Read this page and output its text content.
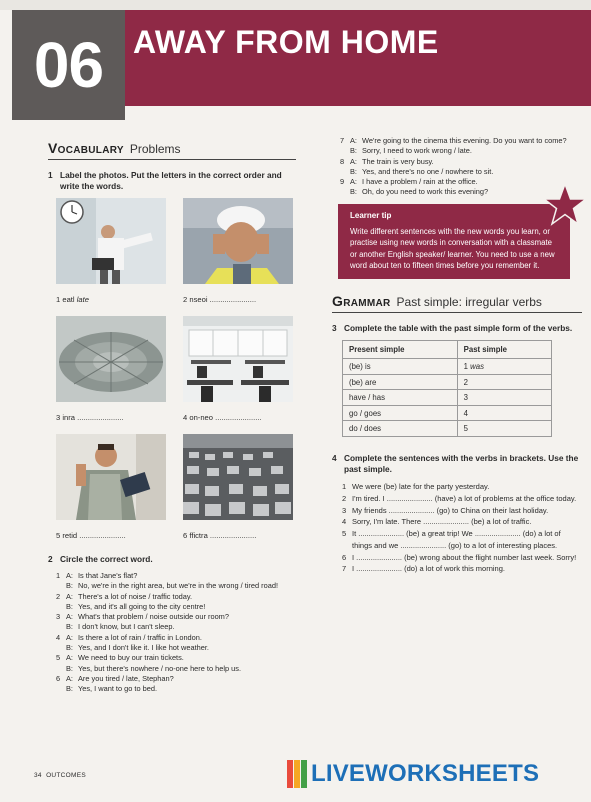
06 AWAY FROM HOME
Vocabulary Problems
1 Label the photos. Put the letters in the correct order and write the words.
1 eatl late	2 nseoi ......................
3 inra ......................	4 on-neo ......................
5 retid ......................	6 ffictra ......................
2 Circle the correct word.
1 A: Is that Jane's flat?
B: No, we're in the right area, but we're in the wrong / tired road!
2 A: There's a lot of noise / traffic today.
B: Yes, and it's all going to the city centre!
3 A: What's that problem / noise outside our room?
B: I don't know, but I can't sleep.
4 A: Is there a lot of rain / traffic in London.
B: Yes, and I don't like it. I like hot weather.
5 A: We need to buy our train tickets.
B: Yes, but there's nowhere / no-one here to help us.
6 A: Are you tired / late, Stephan?
B: Yes, I want to go to bed.
7 A: We're going to the cinema this evening. Do you want to come?
B: Sorry, I need to work wrong / late.
8 A: The train is very busy.
B: Yes, and there's no one / nowhere to sit.
9 A: I have a problem / rain at the office.
B: Oh, do you need to work this evening?
Learner tip
Write different sentences with the new words you learn, or practise using new words in conversation with a classmate or another English speaker/ learner. You need to use a new word about ten to fifteen times before you remember it.
Grammar Past simple: irregular verbs
3 Complete the table with the past simple form of the verbs.
Present simple	Past simple
(be) is	1 was
(be) are	2
have / has	3
go / goes	4
do / does	5
4 Complete the sentences with the verbs in brackets. Use the past simple.
1 We were (be) late for the party yesterday.
2 I'm tired. I ...................... (have) a lot of problems at the office today.
3 My friends ...................... (go) to China on their last holiday.
4 Sorry, I'm late. There ...................... (be) a lot of traffic.
5 It ...................... (be) a great trip! We ...................... (do) a lot of things and we ...................... (go) to a lot of interesting places.
6 I ...................... (be) wrong about the flight number last week. Sorry!
7 I ...................... (do) a lot of work this morning.
34 OUTCOMES	LIVEWORKSHEETS
